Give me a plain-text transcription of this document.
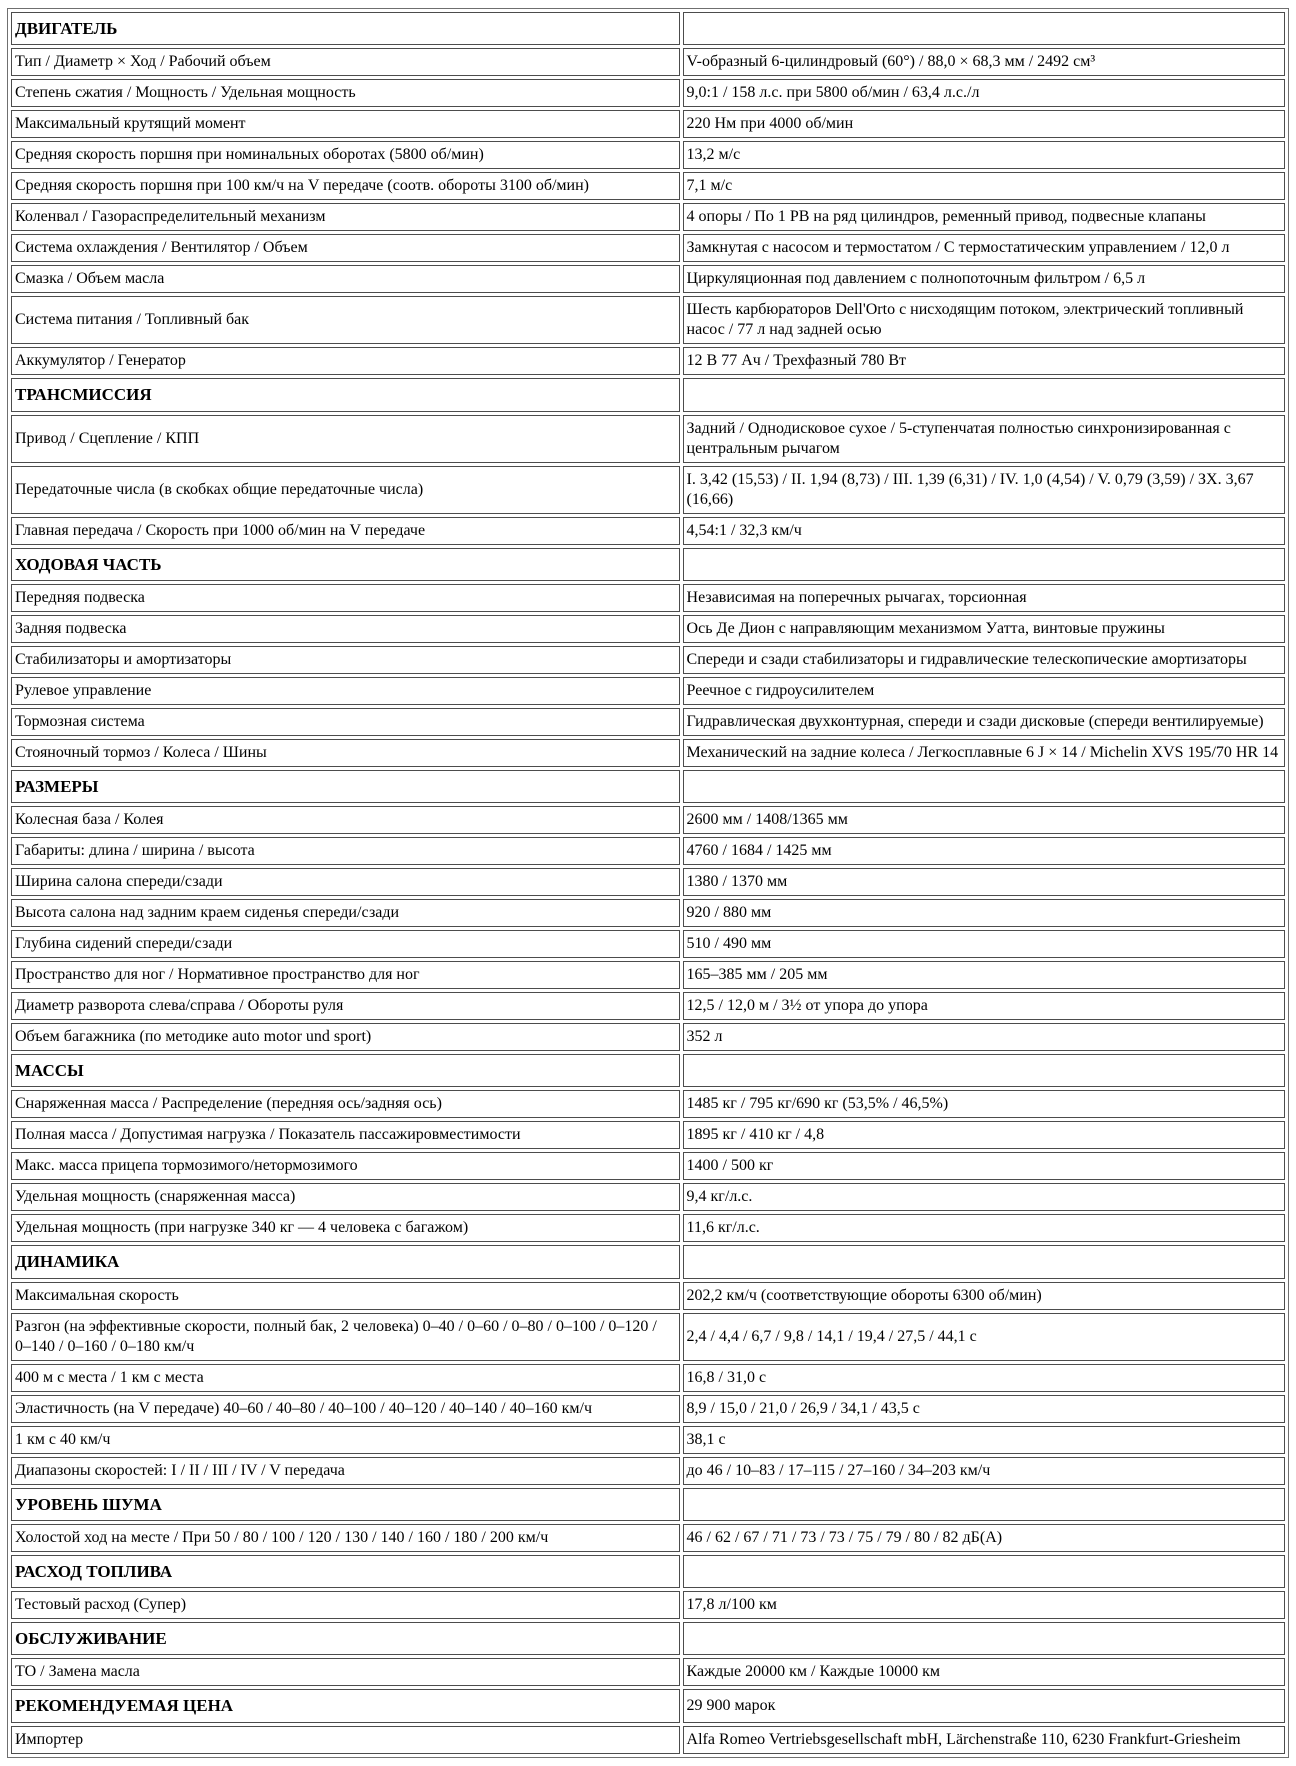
ДВИГАТЕЛЬ	
Тип / Диаметр × Ход / Рабочий объем	V-образный 6-цилиндровый (60°) / 88,0 × 68,3 мм / 2492 см³
Степень сжатия / Мощность / Удельная мощность	9,0:1 / 158 л.с. при 5800 об/мин / 63,4 л.с./л
Максимальный крутящий момент	220 Нм при 4000 об/мин
Средняя скорость поршня при номинальных оборотах (5800 об/мин)	13,2 м/с
Средняя скорость поршня при 100 км/ч на V передаче (соотв. обороты 3100 об/мин)	7,1 м/с
Коленвал / Газораспределительный механизм	4 опоры / По 1 РВ на ряд цилиндров, ременный привод, подвесные клапаны
Система охлаждения / Вентилятор / Объем	Замкнутая с насосом и термостатом / С термостатическим управлением / 12,0 л
Смазка / Объем масла	Циркуляционная под давлением с полнопоточным фильтром / 6,5 л
Система питания / Топливный бак	Шесть карбюраторов Dell'Orto с нисходящим потоком, электрический топливный насос / 77 л над задней осью
Аккумулятор / Генератор	12 В 77 Ач / Трехфазный 780 Вт
ТРАНСМИССИЯ	
Привод / Сцепление / КПП	Задний / Однодисковое сухое / 5-ступенчатая полностью синхронизированная с центральным рычагом
Передаточные числа (в скобках общие передаточные числа)	I. 3,42 (15,53) / II. 1,94 (8,73) / III. 1,39 (6,31) / IV. 1,0 (4,54) / V. 0,79 (3,59) / ЗХ. 3,67 (16,66)
Главная передача / Скорость при 1000 об/мин на V передаче	4,54:1 / 32,3 км/ч
ХОДОВАЯ ЧАСТЬ	
Передняя подвеска	Независимая на поперечных рычагах, торсионная
Задняя подвеска	Ось Де Дион с направляющим механизмом Уатта, винтовые пружины
Стабилизаторы и амортизаторы	Спереди и сзади стабилизаторы и гидравлические телескопические амортизаторы
Рулевое управление	Реечное с гидроусилителем
Тормозная система	Гидравлическая двухконтурная, спереди и сзади дисковые (спереди вентилируемые)
Стояночный тормоз / Колеса / Шины	Механический на задние колеса / Легкосплавные 6 J × 14 / Michelin XVS 195/70 HR 14
РАЗМЕРЫ	
Колесная база / Колея	2600 мм / 1408/1365 мм
Габариты: длина / ширина / высота	4760 / 1684 / 1425 мм
Ширина салона спереди/сзади	1380 / 1370 мм
Высота салона над задним краем сиденья спереди/сзади	920 / 880 мм
Глубина сидений спереди/сзади	510 / 490 мм
Пространство для ног / Нормативное пространство для ног	165–385 мм / 205 мм
Диаметр разворота слева/справа / Обороты руля	12,5 / 12,0 м / 3½ от упора до упора
Объем багажника (по методике auto motor und sport)	352 л
МАССЫ	
Снаряженная масса / Распределение (передняя ось/задняя ось)	1485 кг / 795 кг/690 кг (53,5% / 46,5%)
Полная масса / Допустимая нагрузка / Показатель пассажировместимости	1895 кг / 410 кг / 4,8
Макс. масса прицепа тормозимого/нетормозимого	1400 / 500 кг
Удельная мощность (снаряженная масса)	9,4 кг/л.с.
Удельная мощность (при нагрузке 340 кг — 4 человека с багажом)	11,6 кг/л.с.
ДИНАМИКА	
Максимальная скорость	202,2 км/ч (соответствующие обороты 6300 об/мин)
Разгон (на эффективные скорости, полный бак, 2 человека) 0–40 / 0–60 / 0–80 / 0–100 / 0–120 / 0–140 / 0–160 / 0–180 км/ч	2,4 / 4,4 / 6,7 / 9,8 / 14,1 / 19,4 / 27,5 / 44,1 с
400 м с места / 1 км с места	16,8 / 31,0 с
Эластичность (на V передаче) 40–60 / 40–80 / 40–100 / 40–120 / 40–140 / 40–160 км/ч	8,9 / 15,0 / 21,0 / 26,9 / 34,1 / 43,5 с
1 км с 40 км/ч	38,1 с
Диапазоны скоростей: I / II / III / IV / V передача	до 46 / 10–83 / 17–115 / 27–160 / 34–203 км/ч
УРОВЕНЬ ШУМА	
Холостой ход на месте / При 50 / 80 / 100 / 120 / 130 / 140 / 160 / 180 / 200 км/ч	46 / 62 / 67 / 71 / 73 / 73 / 75 / 79 / 80 / 82 дБ(А)
РАСХОД ТОПЛИВА	
Тестовый расход (Супер)	17,8 л/100 км
ОБСЛУЖИВАНИЕ	
ТО / Замена масла	Каждые 20000 км / Каждые 10000 км
РЕКОМЕНДУЕМАЯ ЦЕНА	29 900 марок
Импортер	Alfa Romeo Vertriebsgesellschaft mbH, Lärchenstraße 110, 6230 Frankfurt-Griesheim
